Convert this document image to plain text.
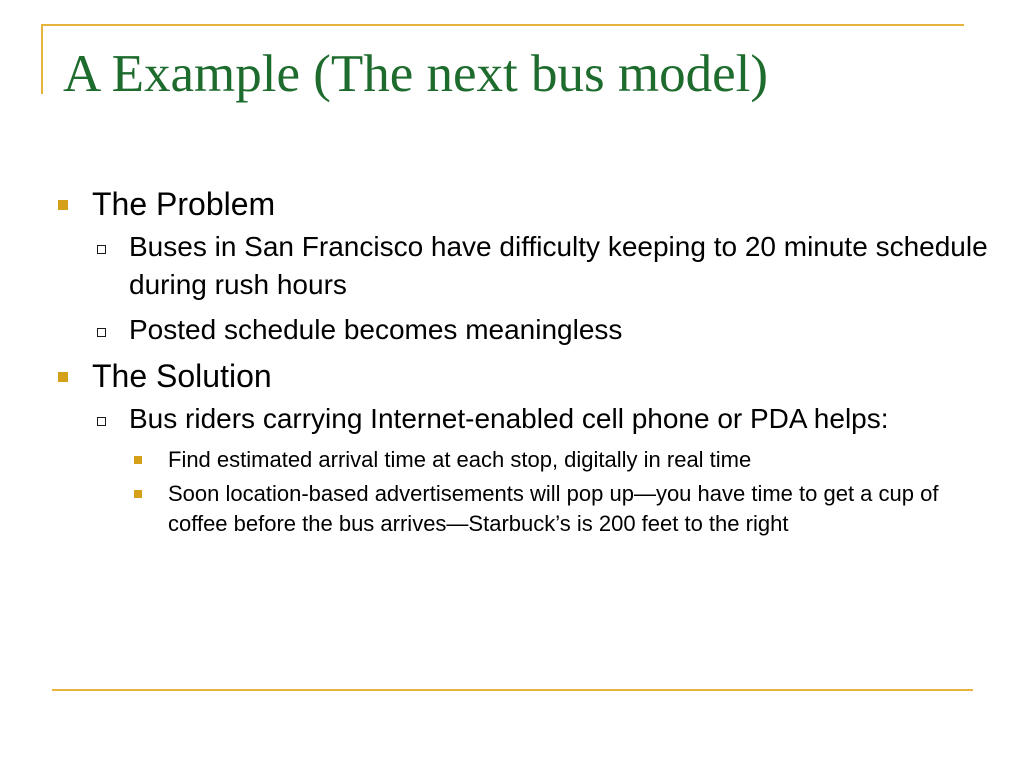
A Example (The next bus model)
The Problem
Buses in San Francisco have difficulty keeping to 20 minute schedule during rush hours
Posted schedule becomes meaningless
The Solution
Bus riders carrying Internet-enabled cell phone or PDA helps:
Find estimated arrival time at each stop, digitally in real time
Soon location-based advertisements will pop up—you have time to get a cup of coffee before the bus arrives—Starbuck’s is 200 feet to the right
